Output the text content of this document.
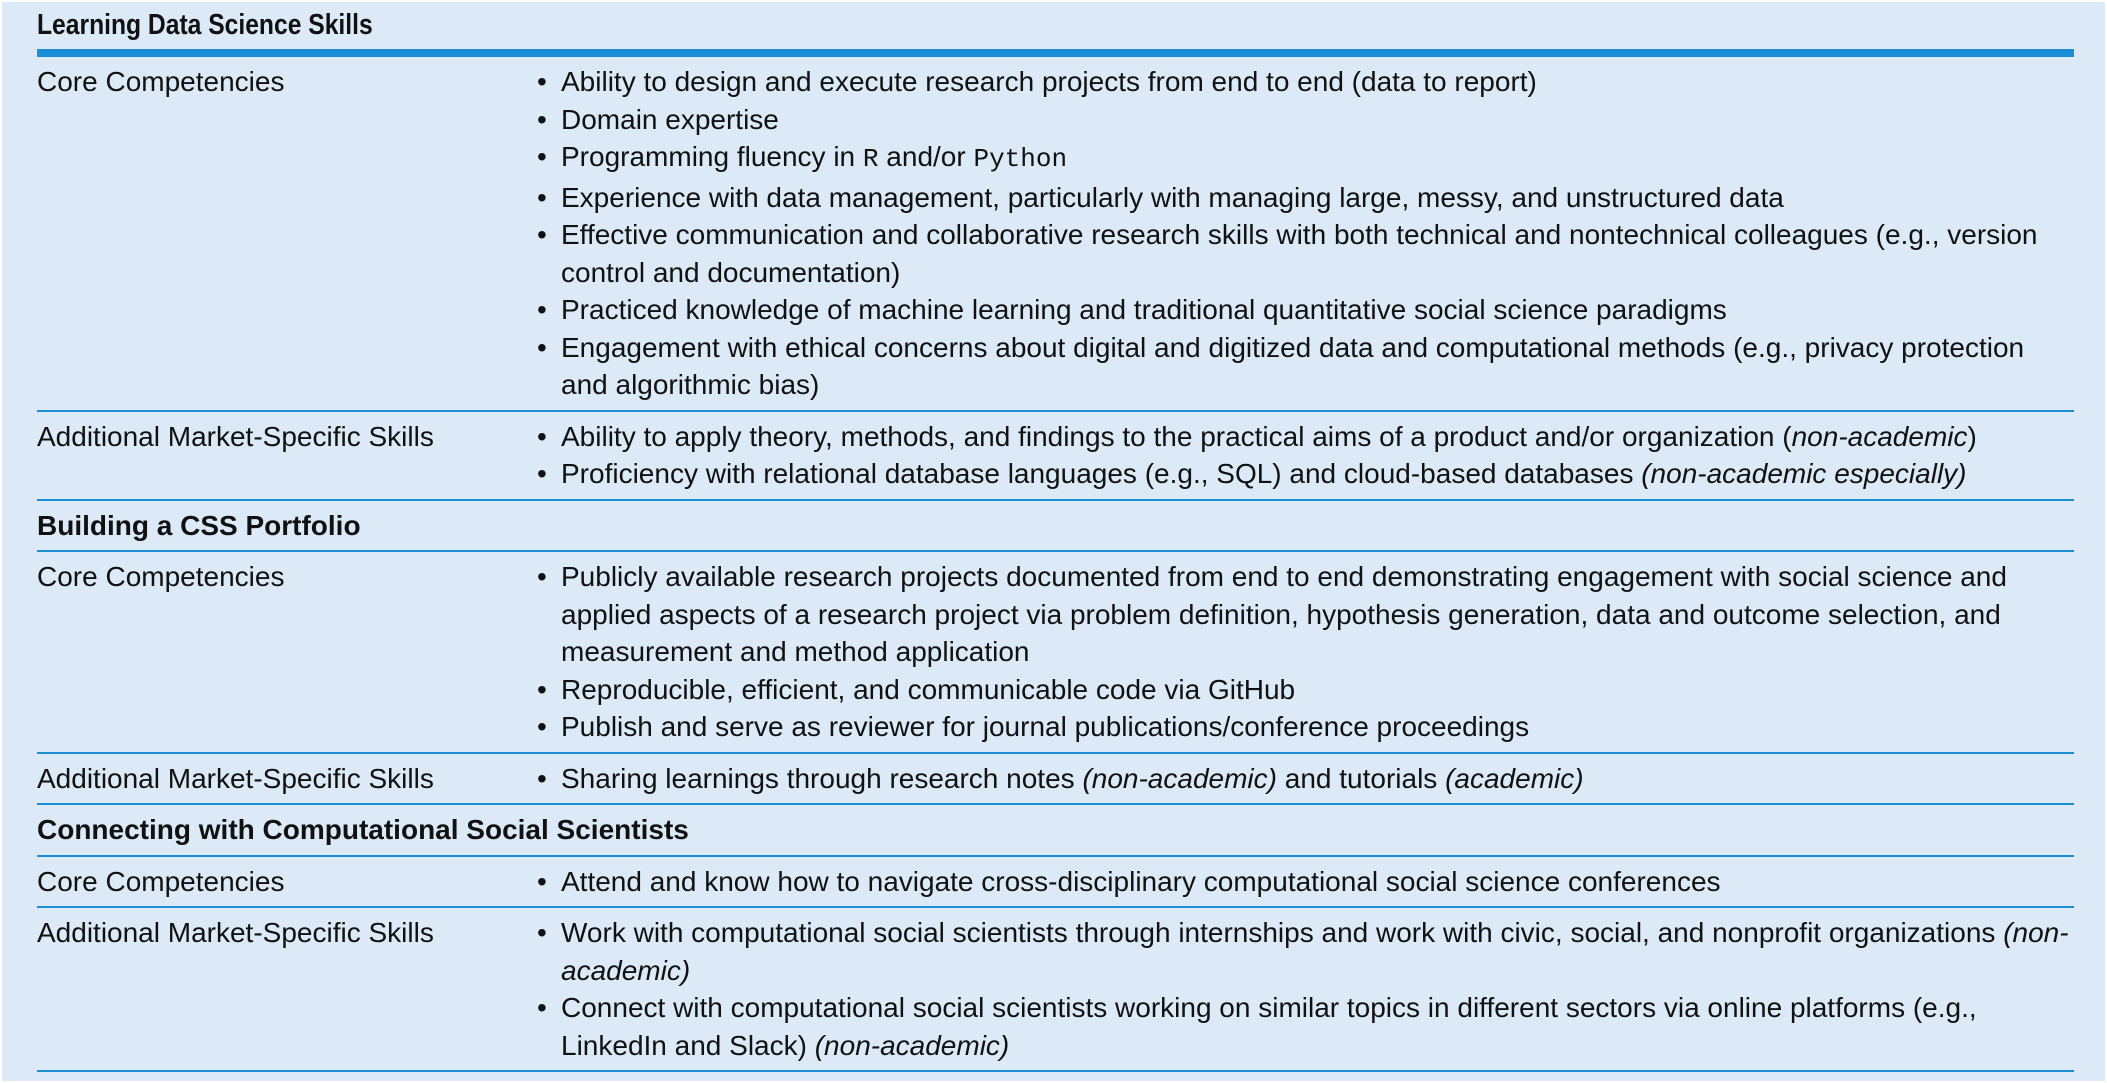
Learning Data Science Skills
Core Competencies	• Ability to design and execute research projects from end to end (data to report)
• Domain expertise
• Programming fluency in R and/or Python
• Experience with data management, particularly with managing large, messy, and unstructured data
• Effective communication and collaborative research skills with both technical and nontechnical colleagues (e.g., version control and documentation)
• Practiced knowledge of machine learning and traditional quantitative social science paradigms
• Engagement with ethical concerns about digital and digitized data and computational methods (e.g., privacy protection and algorithmic bias)
Additional Market-Specific Skills	• Ability to apply theory, methods, and findings to the practical aims of a product and/or organization (non-academic)
• Proficiency with relational database languages (e.g., SQL) and cloud-based databases (non-academic especially)
Building a CSS Portfolio
Core Competencies	• Publicly available research projects documented from end to end demonstrating engagement with social science and applied aspects of a research project via problem definition, hypothesis generation, data and outcome selection, and measurement and method application
• Reproducible, efficient, and communicable code via GitHub
• Publish and serve as reviewer for journal publications/conference proceedings
Additional Market-Specific Skills	• Sharing learnings through research notes (non-academic) and tutorials (academic)
Connecting with Computational Social Scientists
Core Competencies	• Attend and know how to navigate cross-disciplinary computational social science conferences
Additional Market-Specific Skills	• Work with computational social scientists through internships and work with civic, social, and nonprofit organizations (non-academic)
• Connect with computational social scientists working on similar topics in different sectors via online platforms (e.g., LinkedIn and Slack) (non-academic)
